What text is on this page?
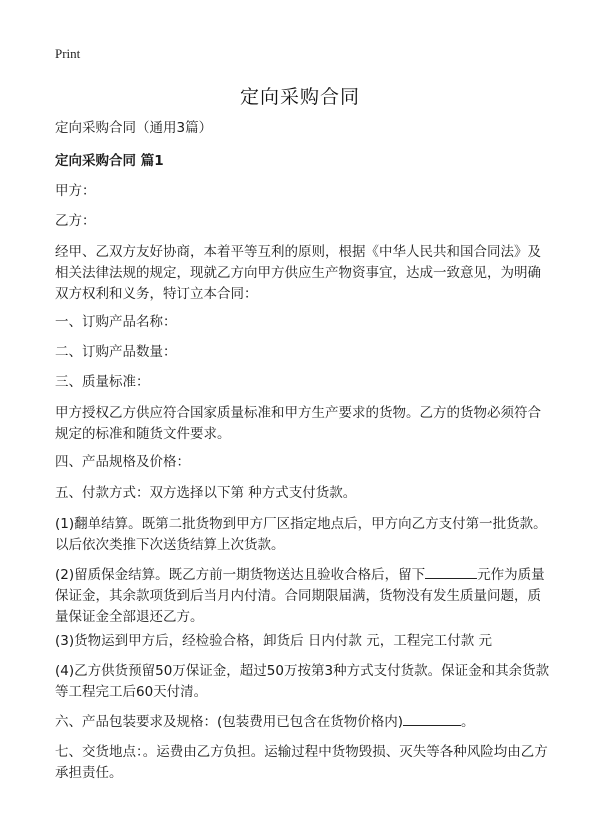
Print
定向采购合同
定向采购合同（通用3篇）
定向采购合同 篇1
甲方：
乙方：
经甲、乙双方友好协商，本着平等互利的原则，根据《中华人民共和国合同法》及相关法律法规的规定，现就乙方向甲方供应生产物资事宜，达成一致意见，为明确双方权利和义务，特订立本合同：
一、订购产品名称：
二、订购产品数量：
三、质量标准：
甲方授权乙方供应符合国家质量标准和甲方生产要求的货物。乙方的货物必须符合规定的标准和随货文件要求。
四、产品规格及价格：
五、付款方式：双方选择以下第 种方式支付货款。
(1)翻单结算。既第二批货物到甲方厂区指定地点后，甲方向乙方支付第一批货款。以后依次类推下次送货结算上次货款。
(2)留质保金结算。既乙方前一期货物送达且验收合格后，留下	元作为质量保证金，其余款项货到后当月内付清。合同期限届满，货物没有发生质量问题，质量保证金全部退还乙方。
(3)货物运到甲方后，经检验合格，卸货后 日内付款 元，工程完工付款 元
(4)乙方供货预留50万保证金，超过50万按第3种方式支付货款。保证金和其余货款等工程完工后60天付清。
六、产品包装要求及规格：(包装费用已包含在货物价格内)	。
七、交货地点：。运费由乙方负担。运输过程中货物毁损、灭失等各种风险均由乙方承担责任。
